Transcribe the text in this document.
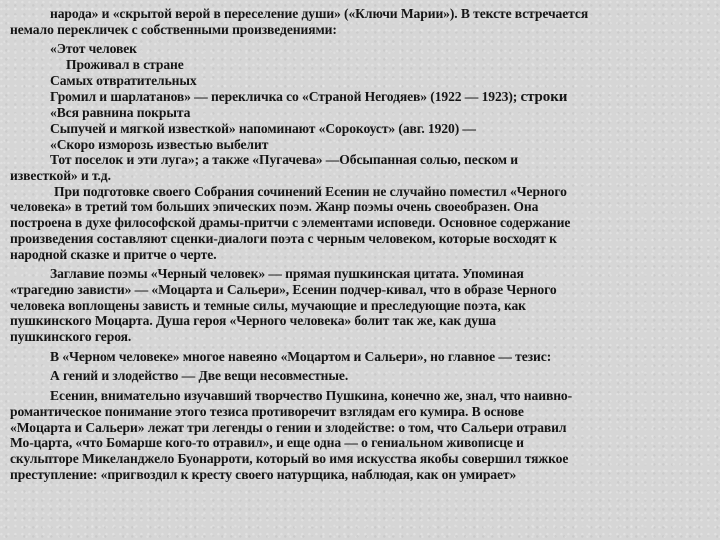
народа» и «скрытой верой в переселение души» («Ключи Марии»). В тексте встречается
немало перекличек с собственными произведениями:
«Этот человек
Проживал в стране
Самых отвратительных
Громил и шарлатанов» — перекличка со «Страной Негодяев» (1922 — 1923); строки
«Вся равнина покрыта
Сыпучей и мягкой известкой» напоминают «Сорокоуст» (авг. 1920) —
«Скоро изморозь известью выбелит
Тот поселок и эти луга»; а также «Пугачева» —Обсыпанная солью, песком и
известкой» и т.д.
При подготовке своего Собрания сочинений Есенин не случайно поместил «Черного
человека» в третий том больших эпических поэм. Жанр поэмы очень своеобразен. Она
построена в духе философской драмы-притчи с элементами исповеди. Основное содержание
произведения составляют сценки-диалоги поэта с черным человеком, которые восходят к
народной сказке и притче о черте.
Заглавие поэмы «Черный человек» — прямая пушкинская цитата. Упоминая
«трагедию зависти» — «Моцарта и Сальери», Есенин подчер-кивал, что в образе Черного
человека воплощены зависть и темные силы, мучающие и преследующие поэта, как
пушкинского Моцарта. Душа героя «Черного человека» болит так же, как душа
пушкинского героя.
В «Черном человеке» многое навеяно «Моцартом и Сальери», но главное — тезис:
А гений и злодейство — Две вещи несовместные.
Есенин, внимательно изучавший творчество Пушкина, конечно же, знал, что наивно-
романтическое понимание этого тезиса противоречит взглядам его кумира. В основе
«Моцарта и Сальери» лежат три легенды о гении и злодействе: о том, что Сальери отравил
Мо-царта, «что Бомарше кого-то отравил», и еще одна — о гениальном живописце и
скульпторе Микеланджело Буонарроти, который во имя искусства якобы совершил тяжкое
преступление: «пригвоздил к кресту своего натурщика, наблюдая, как он умирает»
